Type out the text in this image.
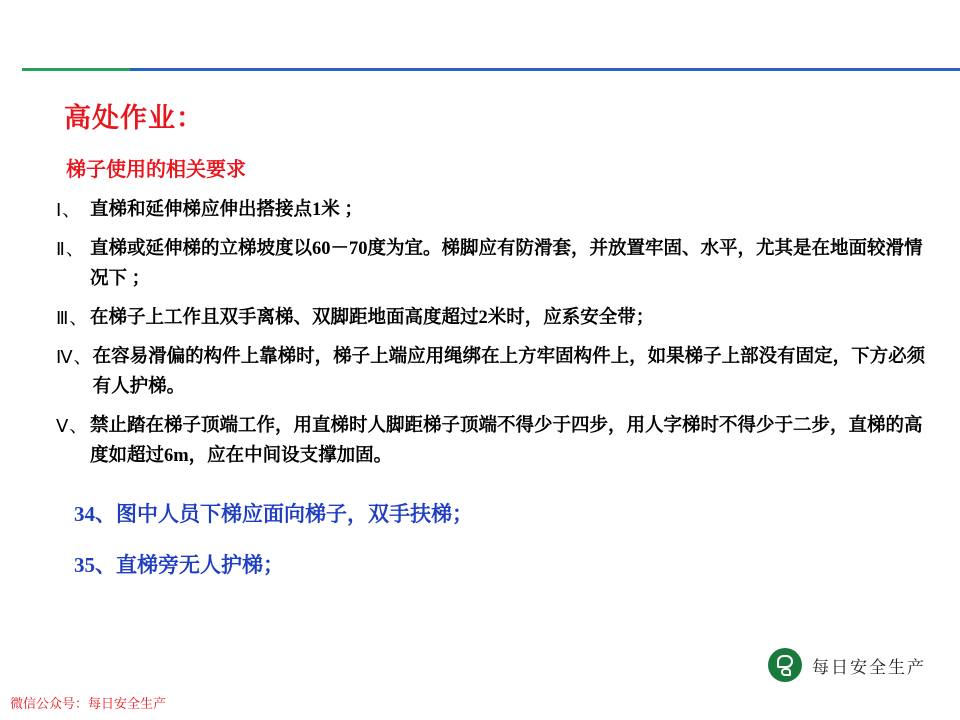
高处作业：
梯子使用的相关要求
Ⅰ、 直梯和延伸梯应伸出搭接点1米 ；
Ⅱ、 直梯或延伸梯的立梯坡度以60－70度为宜。梯脚应有防滑套，并放置牢固、水平，尤其是在地面较滑情况下 ；
Ⅲ、 在梯子上工作且双手离梯、双脚距地面高度超过2米时，应系安全带；
Ⅳ、 在容易滑偏的构件上靠梯时，梯子上端应用绳绑在上方牢固构件上，如果梯子上部没有固定，下方必须有人护梯。
Ⅴ、 禁止踏在梯子顶端工作，用直梯时人脚距梯子顶端不得少于四步，用人字梯时不得少于二步，直梯的高度如超过6m，应在中间设支撑加固。
34、图中人员下梯应面向梯子，双手扶梯；
35、直梯旁无人护梯；
每日安全生产
微信公众号：每日安全生产
